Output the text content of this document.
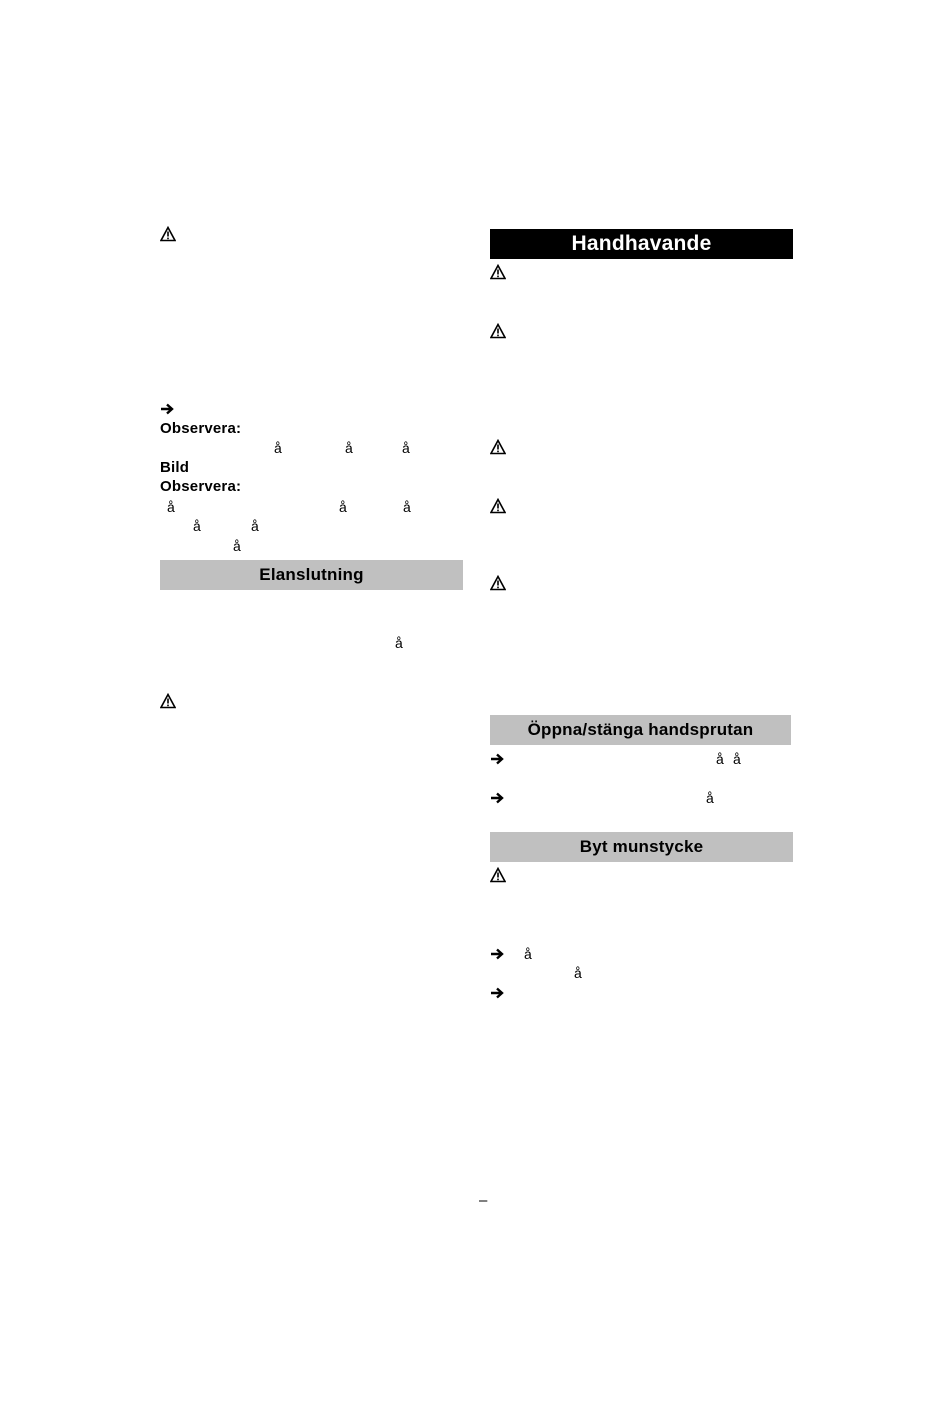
Observera:
å	å	å
Bild
Observera:
å	å	å
å	å
å
Elanslutning
å
Handhavande
Öppna/stänga handsprutan
å å
å
Byt munstycke
å
å
–
